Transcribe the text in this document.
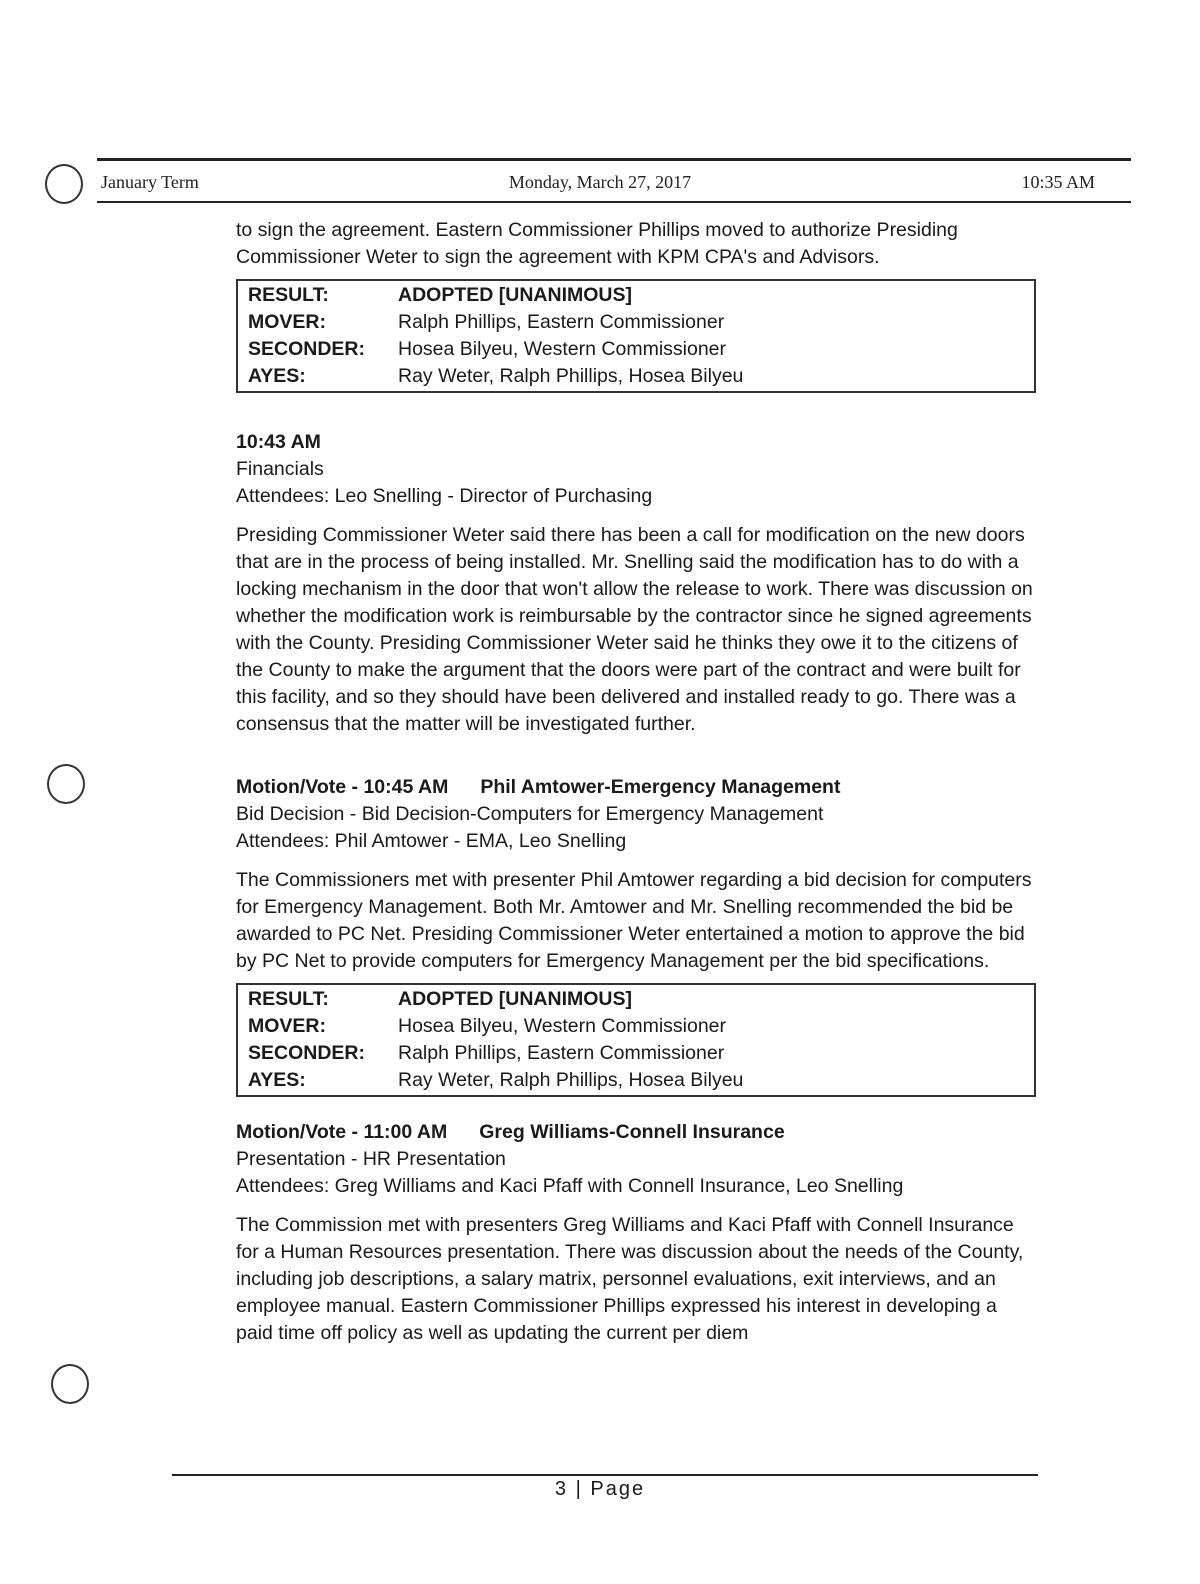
January Term	Monday, March 27, 2017	10:35 AM

to sign the agreement. Eastern Commissioner Phillips moved to authorize Presiding Commissioner Weter to sign the agreement with KPM CPA's and Advisors.

RESULT:	ADOPTED [UNANIMOUS]
MOVER:	Ralph Phillips, Eastern Commissioner
SECONDER:	Hosea Bilyeu, Western Commissioner
AYES:	Ray Weter, Ralph Phillips, Hosea Bilyeu

10:43 AM

Financials

Attendees: Leo Snelling - Director of Purchasing

Presiding Commissioner Weter said there has been a call for modification on the new doors that are in the process of being installed. Mr. Snelling said the modification has to do with a locking mechanism in the door that won't allow the release to work. There was discussion on whether the modification work is reimbursable by the contractor since he signed agreements with the County. Presiding Commissioner Weter said he thinks they owe it to the citizens of the County to make the argument that the doors were part of the contract and were built for this facility, and so they should have been delivered and installed ready to go. There was a consensus that the matter will be investigated further.

Motion/Vote - 10:45 AM Phil Amtower-Emergency Management

Bid Decision - Bid Decision-Computers for Emergency Management

Attendees: Phil Amtower - EMA, Leo Snelling

The Commissioners met with presenter Phil Amtower regarding a bid decision for computers for Emergency Management. Both Mr. Amtower and Mr. Snelling recommended the bid be awarded to PC Net. Presiding Commissioner Weter entertained a motion to approve the bid by PC Net to provide computers for Emergency Management per the bid specifications.

RESULT:	ADOPTED [UNANIMOUS]
MOVER:	Hosea Bilyeu, Western Commissioner
SECONDER:	Ralph Phillips, Eastern Commissioner
AYES:	Ray Weter, Ralph Phillips, Hosea Bilyeu

Motion/Vote - 11:00 AM Greg Williams-Connell Insurance

Presentation - HR Presentation

Attendees: Greg Williams and Kaci Pfaff with Connell Insurance, Leo Snelling

The Commission met with presenters Greg Williams and Kaci Pfaff with Connell Insurance for a Human Resources presentation. There was discussion about the needs of the County, including job descriptions, a salary matrix, personnel evaluations, exit interviews, and an employee manual. Eastern Commissioner Phillips expressed his interest in developing a paid time off policy as well as updating the current per diem

3 | Page
